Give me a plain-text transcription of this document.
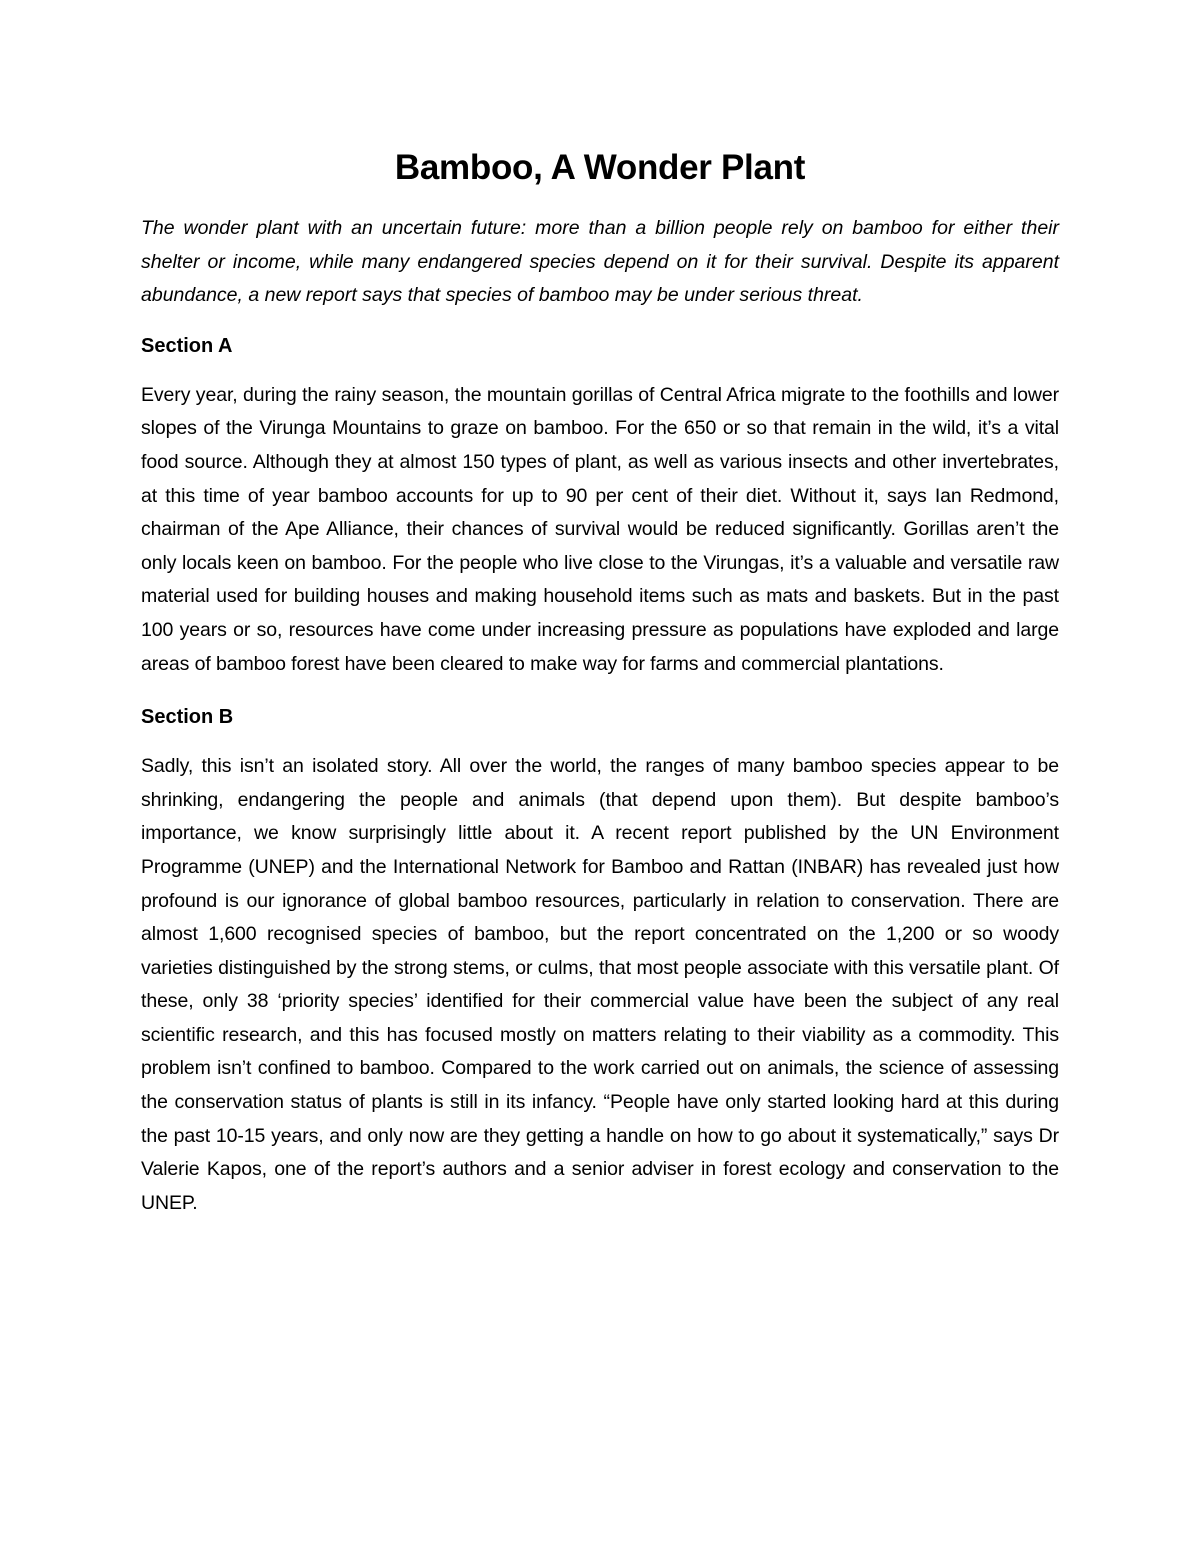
Bamboo, A Wonder Plant

The wonder plant with an uncertain future: more than a billion people rely on bamboo for either their shelter or income, while many endangered species depend on it for their survival. Despite its apparent abundance, a new report says that species of bamboo may be under serious threat.

Section A

Every year, during the rainy season, the mountain gorillas of Central Africa migrate to the foothills and lower slopes of the Virunga Mountains to graze on bamboo. For the 650 or so that remain in the wild, it’s a vital food source. Although they at almost 150 types of plant, as well as various insects and other invertebrates, at this time of year bamboo accounts for up to 90 per cent of their diet. Without it, says Ian Redmond, chairman of the Ape Alliance, their chances of survival would be reduced significantly. Gorillas aren’t the only locals keen on bamboo. For the people who live close to the Virungas, it’s a valuable and versatile raw material used for building houses and making household items such as mats and baskets. But in the past 100 years or so, resources have come under increasing pressure as populations have exploded and large areas of bamboo forest have been cleared to make way for farms and commercial plantations.

Section B

Sadly, this isn’t an isolated story. All over the world, the ranges of many bamboo species appear to be shrinking, endangering the people and animals (that depend upon them). But despite bamboo’s importance, we know surprisingly little about it. A recent report published by the UN Environment Programme (UNEP) and the International Network for Bamboo and Rattan (INBAR) has revealed just how profound is our ignorance of global bamboo resources, particularly in relation to conservation. There are almost 1,600 recognised species of bamboo, but the report concentrated on the 1,200 or so woody varieties distinguished by the strong stems, or culms, that most people associate with this versatile plant. Of these, only 38 ‘priority species’ identified for their commercial value have been the subject of any real scientific research, and this has focused mostly on matters relating to their viability as a commodity. This problem isn’t confined to bamboo. Compared to the work carried out on animals, the science of assessing the conservation status of plants is still in its infancy. “People have only started looking hard at this during the past 10-15 years, and only now are they getting a handle on how to go about it systematically,” says Dr Valerie Kapos, one of the report’s authors and a senior adviser in forest ecology and conservation to the UNEP.
